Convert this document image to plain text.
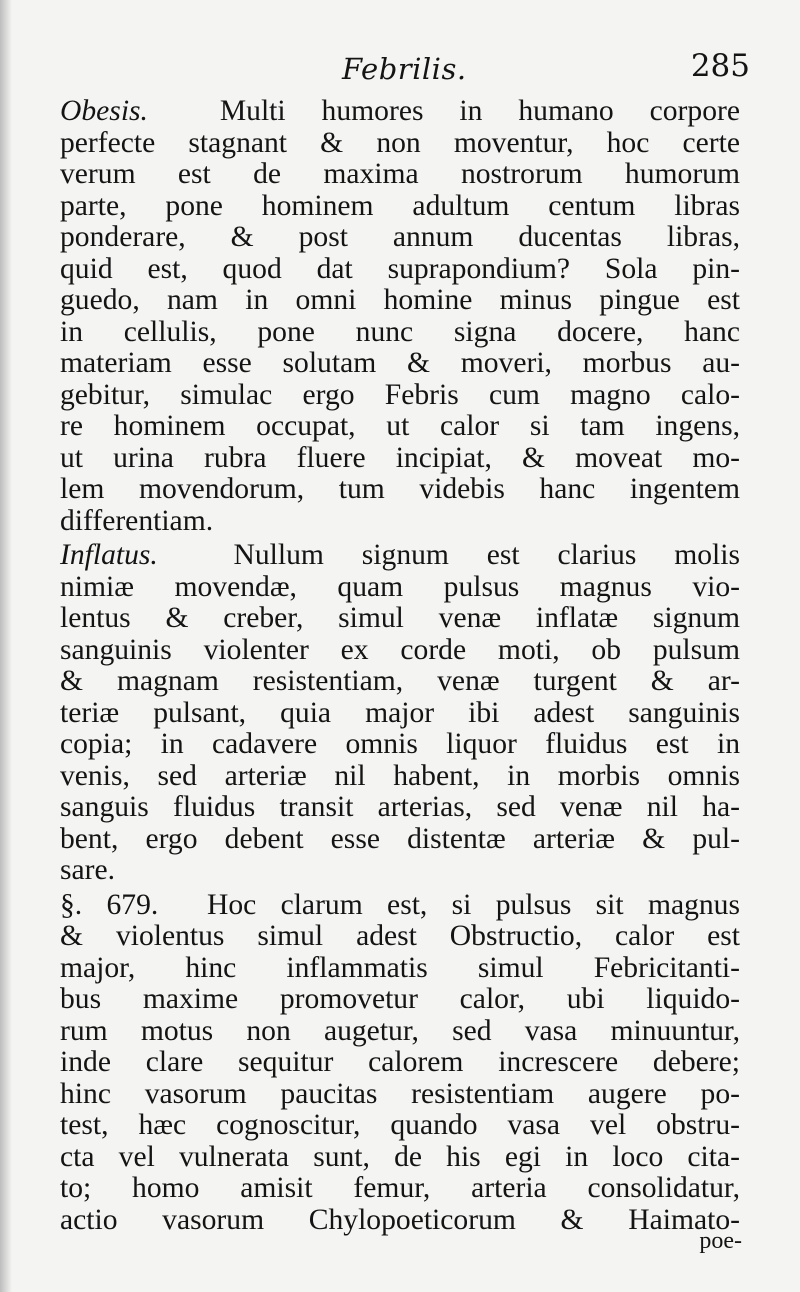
Febrilis.	285
Obesis. Multi humores in humano corpore
perfecte stagnant & non moventur, hoc certe
verum est de maxima nostrorum humorum
parte, pone hominem adultum centum libras
ponderare, & post annum ducentas libras,
quid est, quod dat suprapondium? Sola pin-
guedo, nam in omni homine minus pingue est
in cellulis, pone nunc signa docere, hanc
materiam esse solutam & moveri, morbus au-
gebitur, simulac ergo Febris cum magno calo-
re hominem occupat, ut calor si tam ingens,
ut urina rubra fluere incipiat, & moveat mo-
lem movendorum, tum videbis hanc ingentem
differentiam.
Inflatus.	Nullum signum est clarius molis
nimiæ movendæ, quam pulsus magnus vio-
lentus & creber, simul venæ inflatæ signum
sanguinis violenter ex corde moti, ob pulsum
& magnam resistentiam, venæ turgent & ar-
teriæ pulsant, quia major ibi adest sanguinis
copia; in cadavere omnis liquor fluidus est in
venis, sed arteriæ nil habent, in morbis omnis
sanguis fluidus transit arterias, sed venæ nil ha-
bent, ergo debent esse distentæ arteriæ & pul-
sare.
§. 679. Hoc clarum est, si pulsus sit magnus
& violentus simul adest Obstructio, calor est
major, hinc inflammatis simul Febricitanti-
bus maxime promovetur calor, ubi liquido-
rum motus non augetur, sed vasa minuuntur,
inde clare sequitur calorem increscere debere;
hinc vasorum paucitas resistentiam augere po-
test, hæc cognoscitur, quando vasa vel obstru-
cta vel vulnerata sunt, de his egi in loco cita-
to; homo amisit femur, arteria consolidatur,
actio vasorum Chylopoeticorum & Haimato-
poe-
